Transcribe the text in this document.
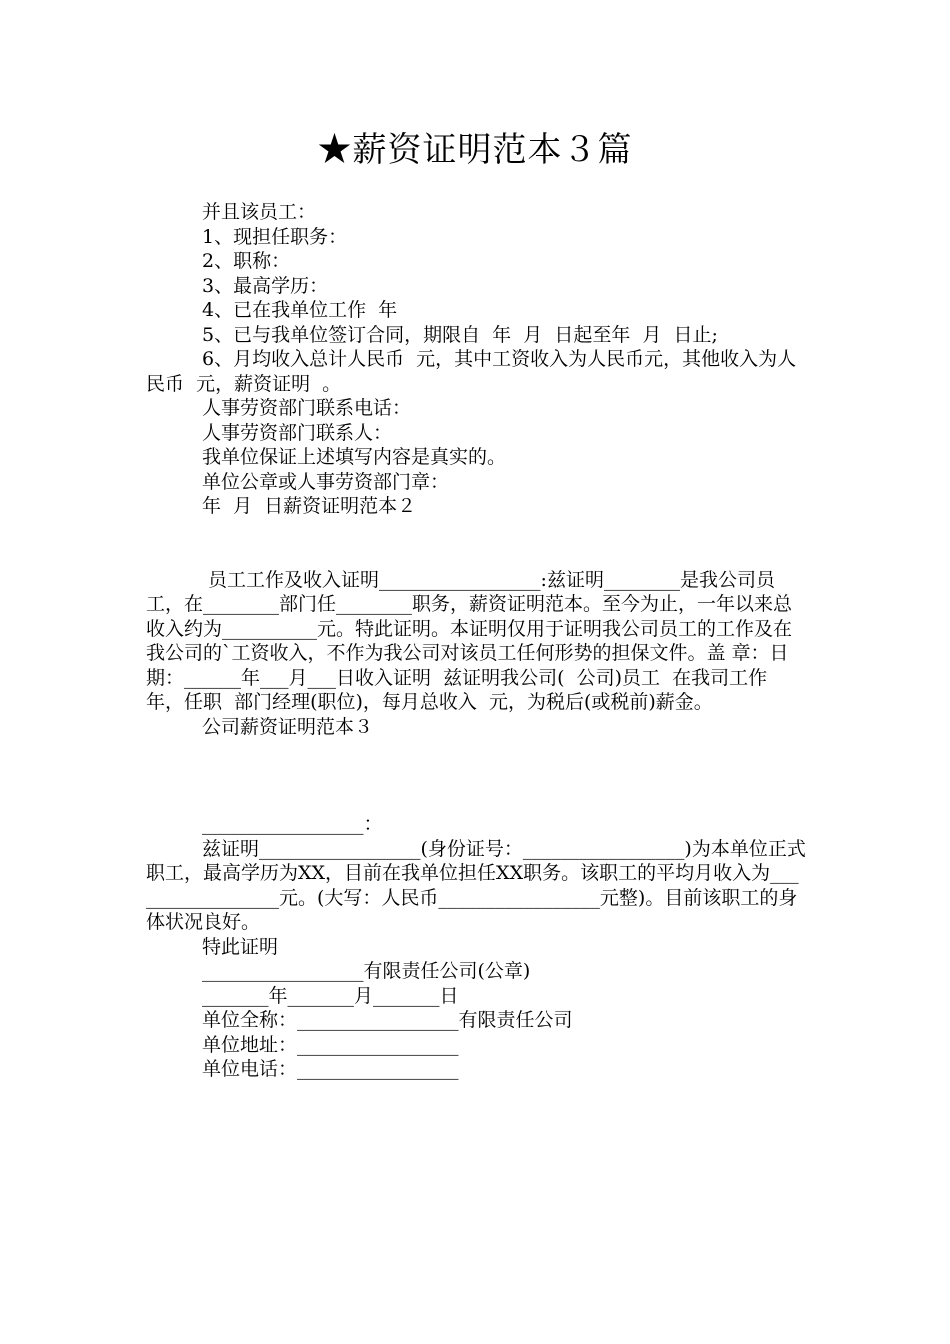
★薪资证明范本３篇

并且该员工：

1、现担任职务：

2、职称：

3、最高学历：

4、已在我单位工作  年

5、已与我单位签订合同，期限自  年  月  日起至年  月  日止;

6、月均收入总计人民币  元，其中工资收入为人民币元，其他收入为人民币  元，薪资证明  。

人事劳资部门联系电话：

人事劳资部门联系人：

我单位保证上述填写内容是真实的。

单位公章或人事劳资部门章：

年  月  日薪资证明范本２

员工工作及收入证明_________________:兹证明________是我公司员工，在________部门任________职务，薪资证明范本。至今为止，一年以来总收入约为__________元。特此证明。本证明仅用于证明我公司员工的工作及在我公司的`工资收入，不作为我公司对该员工任何形势的担保文件。盖 章：日 期：______年___月___日收入证明  兹证明我公司(  公司)员工  在我司工作  年，任职  部门经理(职位)，每月总收入  元，为税后(或税前)薪金。

公司薪资证明范本３

_________________：

兹证明_________________(身份证号：_________________)为本单位正式职工，最高学历为XX，目前在我单位担任XX职务。该职工的平均月收入为_________________元。(大写：人民币_________________元整)。目前该职工的身体状况良好。

特此证明

_________________有限责任公司(公章)

_______年_______月_______日

单位全称：_________________有限责任公司

单位地址：_________________

单位电话：_________________
